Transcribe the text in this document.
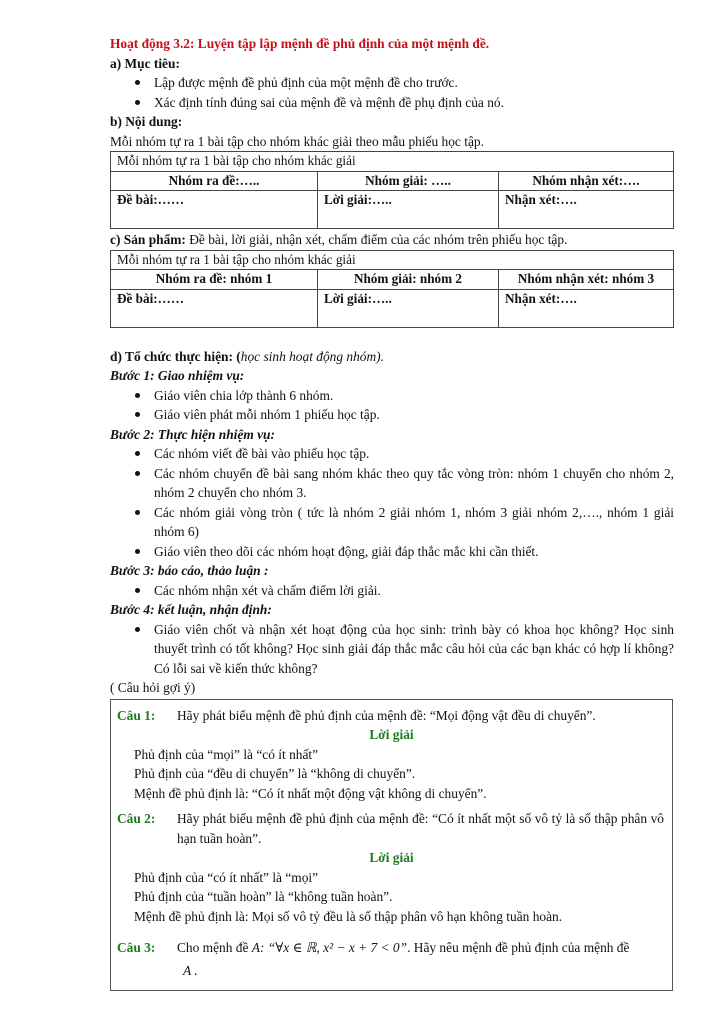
Hoạt động 3.2: Luyện tập lập mệnh đề phủ định của một mệnh đề.
a) Mục tiêu:
Lập được mệnh đề phủ định của một mệnh đề cho trước.
Xác định tính đúng sai của mệnh đề và mệnh đề phụ định của nó.
b) Nội dung:
Mỗi nhóm tự ra 1 bài tập cho nhóm khác giải theo mẫu phiếu học tập.
Mỗi nhóm tự ra 1 bài tập cho nhóm khác giải		
Nhóm ra đề:…..	Nhóm giải: …..	Nhóm nhận xét:….
Đề bài:……	Lời giải:…..	Nhận xét:….
c) Sản phẩm: Đề bài, lời giải, nhận xét, chấm điểm của các nhóm trên phiếu học tập.
Mỗi nhóm tự ra 1 bài tập cho nhóm khác giải		
Nhóm ra đề: nhóm 1	Nhóm giải: nhóm 2	Nhóm nhận xét: nhóm 3
Đề bài:……	Lời giải:…..	Nhận xét:….
d) Tổ chức thực hiện: (học sinh hoạt động nhóm).
Bước 1: Giao nhiệm vụ:
Giáo viên chia lớp thành 6 nhóm.
Giáo viên phát mỗi nhóm 1 phiếu học tập.
Bước 2: Thực hiện nhiệm vụ:
Các nhóm viết đề bài vào phiếu học tập.
Các nhóm chuyển đề bài sang nhóm khác theo quy tắc vòng tròn: nhóm 1 chuyển cho nhóm 2, nhóm 2 chuyển cho nhóm 3.
Các nhóm giải vòng tròn ( tức là nhóm 2 giải nhóm 1, nhóm 3 giải nhóm 2,…., nhóm 1 giải nhóm 6)
Giáo viên theo dõi các nhóm hoạt động, giải đáp thắc mắc khi cần thiết.
Bước 3: báo cáo, thảo luận :
Các nhóm nhận xét và chấm điểm lời giải.
Bước 4: kết luận, nhận định:
Giáo viên chốt và nhận xét hoạt động của học sinh: trình bày có khoa học không? Học sinh thuyết trình có tốt không? Học sinh giải đáp thắc mắc câu hỏi của các bạn khác có hợp lí không? Có lỗi sai về kiến thức không?
( Câu hỏi gợi ý)
Câu 1: Hãy phát biểu mệnh đề phủ định của mệnh đề: “Mọi động vật đều di chuyển”.
Lời giải
Phủ định của “mọi” là “có ít nhất”
Phủ định của “đều di chuyển” là “không di chuyển”.
Mệnh đề phủ định là: “Có ít nhất một động vật không di chuyển”.
Câu 2: Hãy phát biểu mệnh đề phủ định của mệnh đề: “Có ít nhất một số vô tỷ là số thập phân vô hạn tuần hoàn”.
Lời giải
Phủ định của “có ít nhất” là “mọi”
Phủ định của “tuần hoàn” là “không tuần hoàn”.
Mệnh đề phủ định là: Mọi số vô tỷ đều là số thập phân vô hạn không tuần hoàn.
Câu 3: Cho mệnh đề A: “∀x ∈ ℝ, x² − x + 7 < 0”. Hãy nêu mệnh đề phủ định của mệnh đề
A .
